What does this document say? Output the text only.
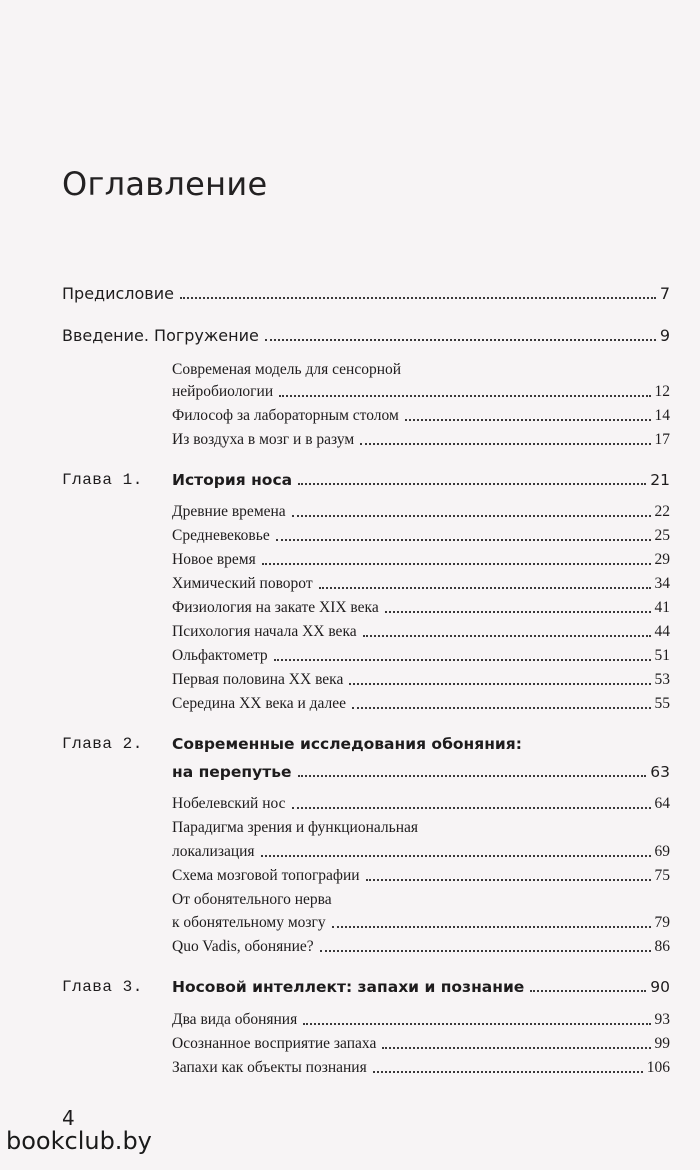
Оглавление
Предисловие	7
Введение. Погружение	9
Современая модель для сенсорной
нейробиологии	12
Философ за лабораторным столом	14
Из воздуха в мозг и в разум	17
Глава 1. История носа	21
Древние времена	22
Средневековье	25
Новое время	29
Химический поворот	34
Физиология на закате XIX века	41
Психология начала XX века	44
Ольфактометр	51
Первая половина XX века	53
Середина XX века и далее	55
Глава 2. Современные исследования обоняния:
на перепутье	63
Нобелевский нос	64
Парадигма зрения и функциональная
локализация	69
Схема мозговой топографии	75
От обонятельного нерва
к обонятельному мозгу	79
Quo Vadis, обоняние?	86
Глава 3. Носовой интеллект: запахи и познание	90
Два вида обоняния	93
Осознанное восприятие запаха	99
Запахи как объекты познания	106
4
bookclub.by
